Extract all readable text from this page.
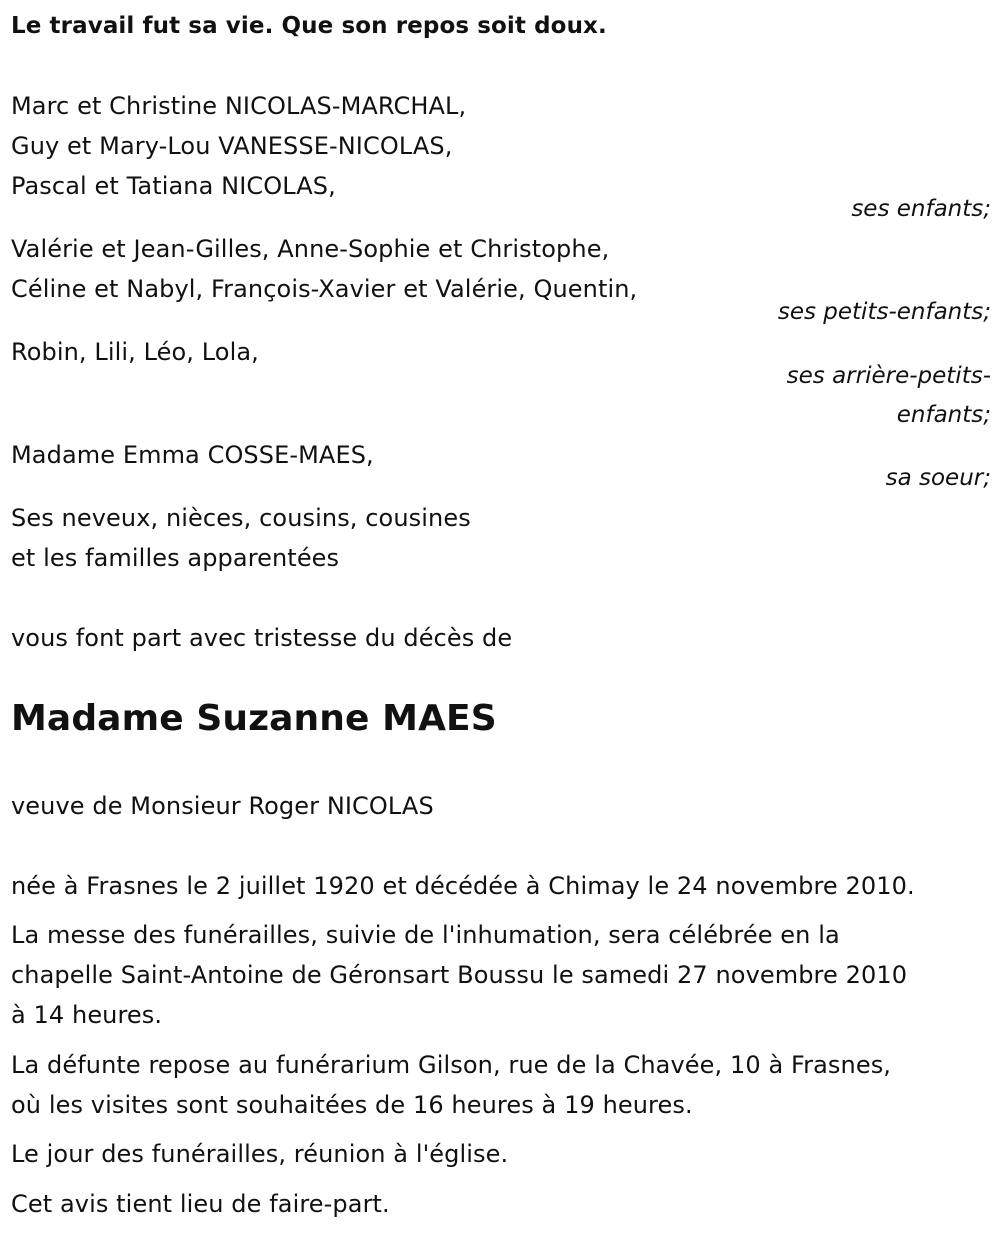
Le travail fut sa vie. Que son repos soit doux.
Marc et Christine NICOLAS-MARCHAL,
Guy et Mary-Lou VANESSE-NICOLAS,
Pascal et Tatiana NICOLAS,
ses enfants;
Valérie et Jean-Gilles, Anne-Sophie et Christophe,
Céline et Nabyl, François-Xavier et Valérie, Quentin,
ses petits-enfants;
Robin, Lili, Léo, Lola,
ses arrière-petits-
enfants;
Madame Emma COSSE-MAES,
sa soeur;
Ses neveux, nièces, cousins, cousines
et les familles apparentées
vous font part avec tristesse du décès de
Madame Suzanne MAES
veuve de Monsieur Roger NICOLAS
née à Frasnes le 2 juillet 1920 et décédée à Chimay le 24 novembre 2010.
La messe des funérailles, suivie de l'inhumation, sera célébrée en la
chapelle Saint-Antoine de Géronsart Boussu le samedi 27 novembre 2010
à 14 heures.
La défunte repose au funérarium Gilson, rue de la Chavée, 10 à Frasnes,
où les visites sont souhaitées de 16 heures à 19 heures.
Le jour des funérailles, réunion à l'église.
Cet avis tient lieu de faire-part.
